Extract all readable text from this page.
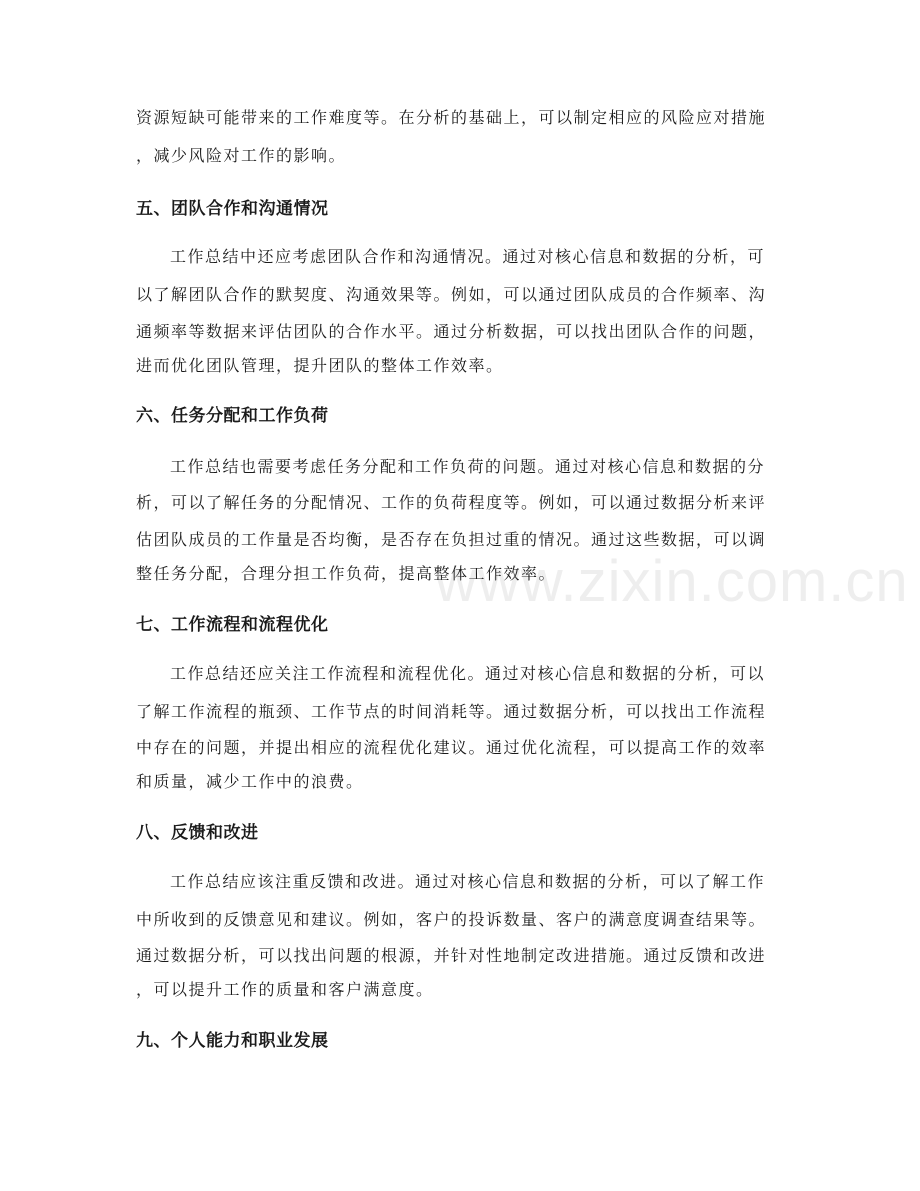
资源短缺可能带来的工作难度等。在分析的基础上，可以制定相应的风险应对措施
，减少风险对工作的影响。
五、团队合作和沟通情况
工作总结中还应考虑团队合作和沟通情况。通过对核心信息和数据的分析，可
以了解团队合作的默契度、沟通效果等。例如，可以通过团队成员的合作频率、沟
通频率等数据来评估团队的合作水平。通过分析数据，可以找出团队合作的问题，
进而优化团队管理，提升团队的整体工作效率。
六、任务分配和工作负荷
工作总结也需要考虑任务分配和工作负荷的问题。通过对核心信息和数据的分
析，可以了解任务的分配情况、工作的负荷程度等。例如，可以通过数据分析来评
估团队成员的工作量是否均衡，是否存在负担过重的情况。通过这些数据，可以调
整任务分配，合理分担工作负荷，提高整体工作效率。
七、工作流程和流程优化
工作总结还应关注工作流程和流程优化。通过对核心信息和数据的分析，可以
了解工作流程的瓶颈、工作节点的时间消耗等。通过数据分析，可以找出工作流程
中存在的问题，并提出相应的流程优化建议。通过优化流程，可以提高工作的效率
和质量，减少工作中的浪费。
八、反馈和改进
工作总结应该注重反馈和改进。通过对核心信息和数据的分析，可以了解工作
中所收到的反馈意见和建议。例如，客户的投诉数量、客户的满意度调查结果等。
通过数据分析，可以找出问题的根源，并针对性地制定改进措施。通过反馈和改进
，可以提升工作的质量和客户满意度。
九、个人能力和职业发展
www.zixin.com.cn
